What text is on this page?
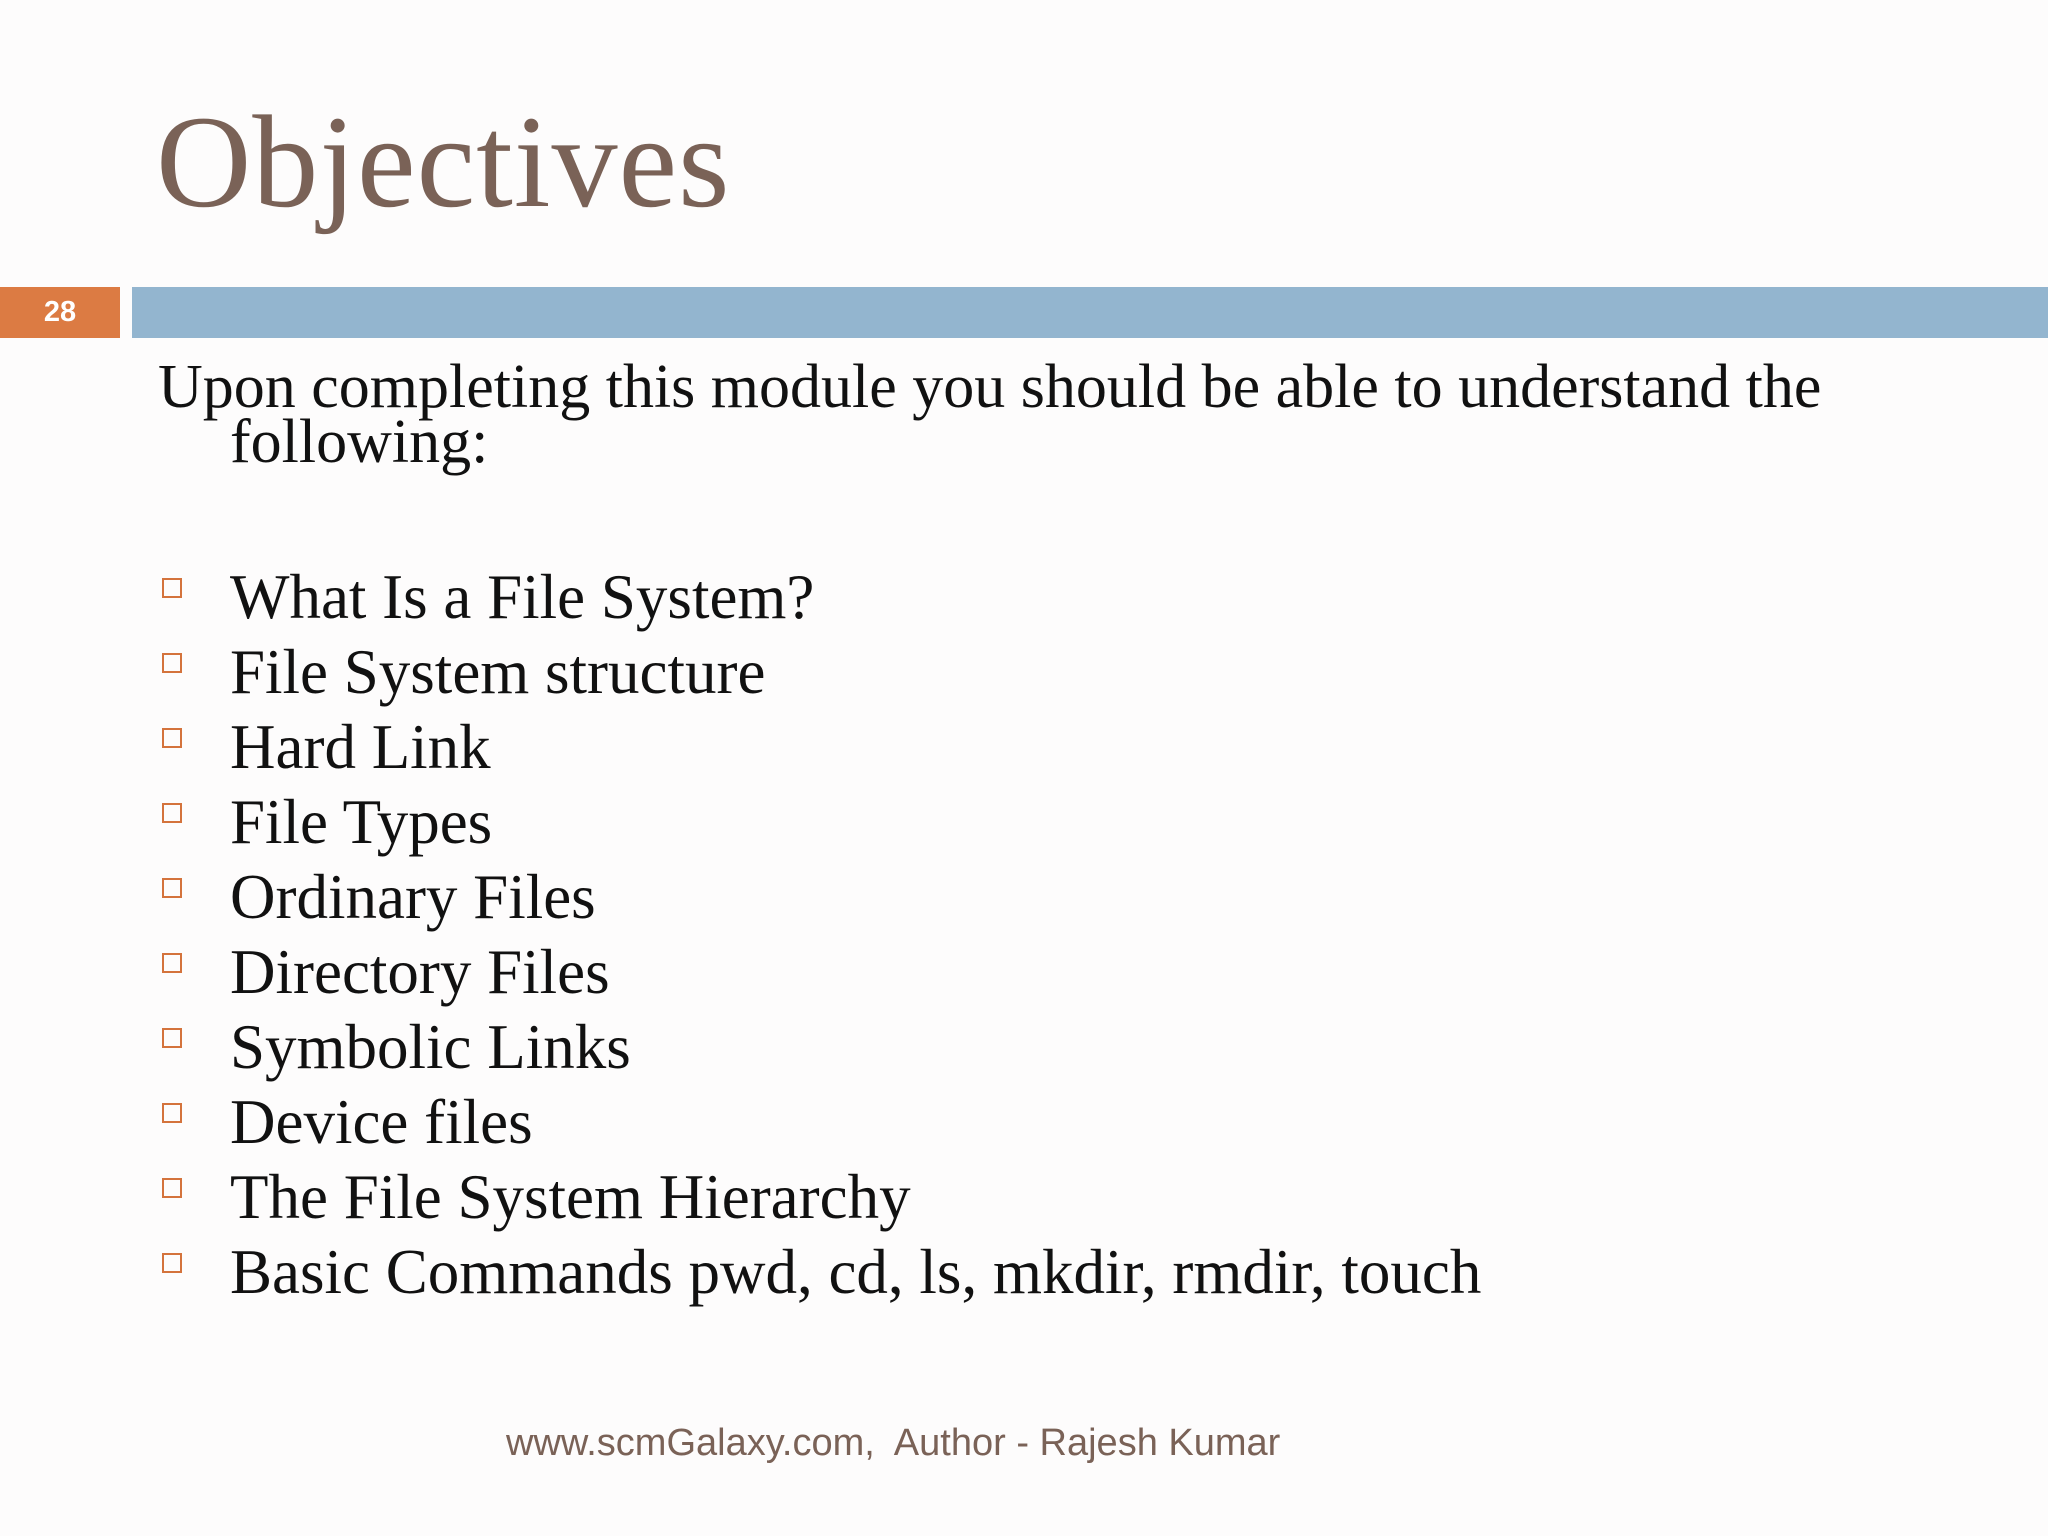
Objectives
28
Upon completing this module you should be able to understand the following:
What Is a File System?
File System structure
Hard Link
File Types
Ordinary Files
Directory Files
Symbolic Links
Device files
The File System Hierarchy
Basic Commands pwd, cd, ls, mkdir, rmdir, touch
www.scmGalaxy.com,  Author - Rajesh Kumar
